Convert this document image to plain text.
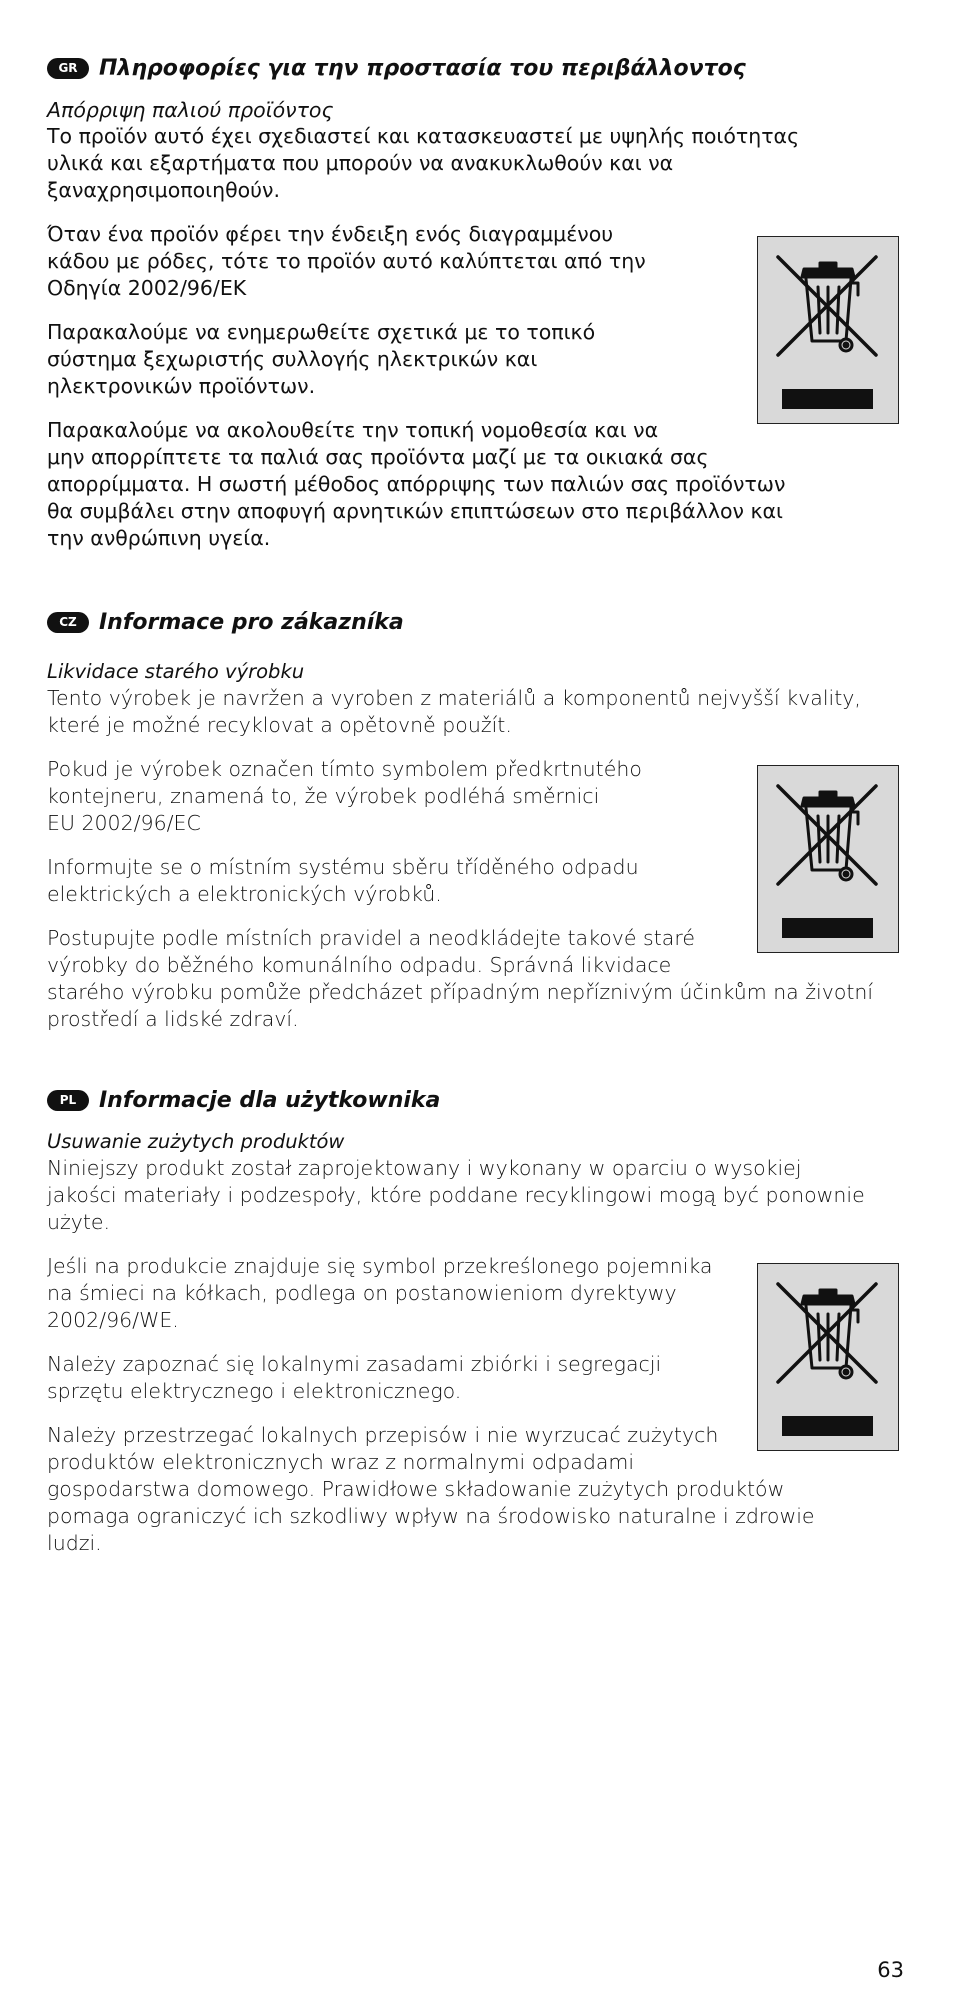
GR Πληροφορίες για την προστασία του περιβάλλοντος
Απόρριψη παλιού προϊόντος
Το προϊόν αυτό έχει σχεδιαστεί και κατασκευαστεί με υψηλής ποιότητας
υλικά και εξαρτήματα που μπορούν να ανακυκλωθούν και να
ξαναχρησιμοποιηθούν.
Όταν ένα προϊόν φέρει την ένδειξη ενός διαγραμμένου
κάδου με ρόδες, τότε το προϊόν αυτό καλύπτεται από την
Οδηγία 2002/96/ΕΚ
Παρακαλούμε να ενημερωθείτε σχετικά με το τοπικό
σύστημα ξεχωριστής συλλογής ηλεκτρικών και
ηλεκτρονικών προϊόντων.
Παρακαλούμε να ακολουθείτε την τοπική νομοθεσία και να
μην απορρίπτετε τα παλιά σας προϊόντα μαζί με τα οικιακά σας
απορρίμματα. Η σωστή μέθοδος απόρριψης των παλιών σας προϊόντων
θα συμβάλει στην αποφυγή αρνητικών επιπτώσεων στο περιβάλλον και
την ανθρώπινη υγεία.
CZ	Informace pro zákazníka
Likvidace starého výrobku
Tento výrobek je navržen a vyroben z materiálů a komponentů nejvyšší kvality,
které je možné recyklovat a opětovně použít.
Pokud je výrobek označen tímto symbolem předkrtnutého
kontejneru, znamená to, že výrobek podléhá směrnici
EU 2002/96/EC
Informujte se o místním systému sběru tříděného odpadu
elektrických a elektronických výrobků.
Postupujte podle místních pravidel a neodkládejte takové staré
výrobky do běžného komunálního odpadu. Správná likvidace
starého výrobku pomůže předcházet případným nepříznivým účinkům na životní
prostředí a lidské zdraví.
PL	Informacje dla użytkownika
Usuwanie zużytych produktów
Niniejszy produkt został zaprojektowany i wykonany w oparciu o wysokiej
jakości materiały i podzespoły, które poddane recyklingowi mogą być ponownie
użyte.
Jeśli na produkcie znajduje się symbol przekreślonego pojemnika
na śmieci na kółkach, podlega on postanowieniom dyrektywy
2002/96/WE.
Należy zapoznać się lokalnymi zasadami zbiórki i segregacji
sprzętu elektrycznego i elektronicznego.
Należy przestrzegać lokalnych przepisów i nie wyrzucać zużytych
produktów elektronicznych wraz z normalnymi odpadami
gospodarstwa domowego. Prawidłowe składowanie zużytych produktów
pomaga ograniczyć ich szkodliwy wpływ na środowisko naturalne i zdrowie
ludzi.
63
